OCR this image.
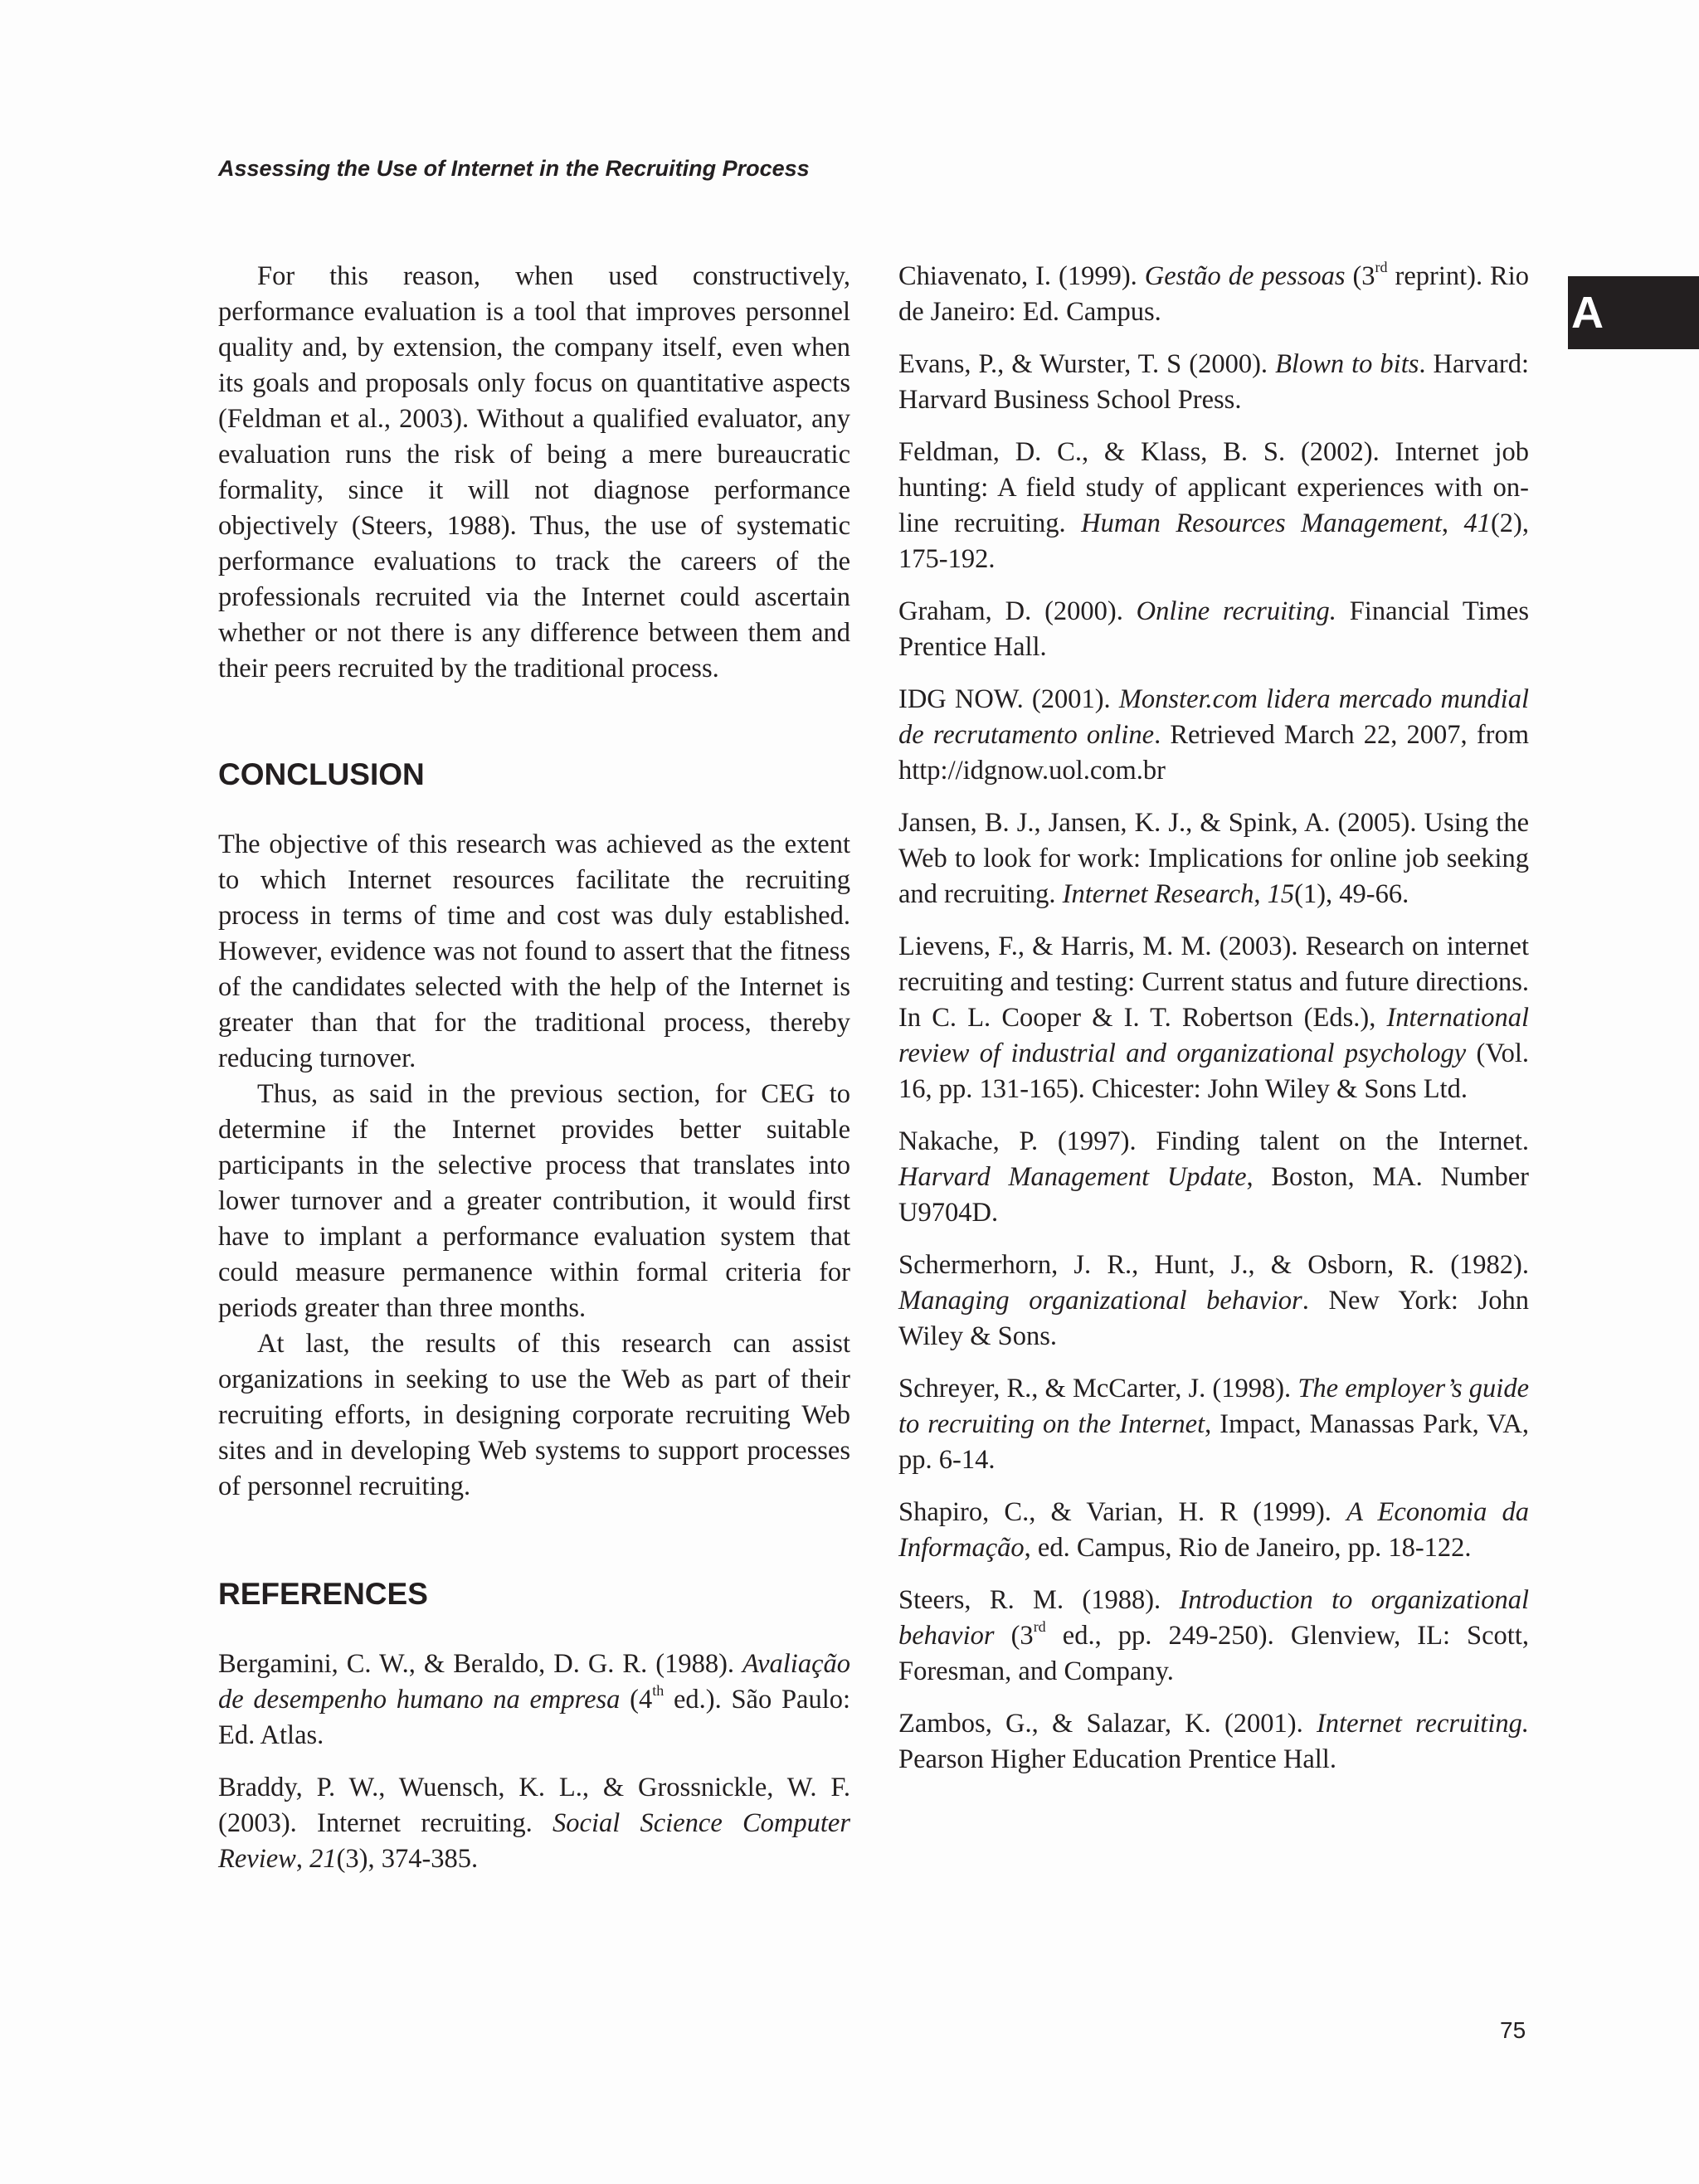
Assessing the Use of Internet in the Recruiting Process
A

For this reason, when used constructively, performance evaluation is a tool that improves personnel quality and, by extension, the company itself, even when its goals and proposals only focus on quantitative aspects (Feldman et al., 2003). Without a qualified evaluator, any evaluation runs the risk of being a mere bureaucratic formality, since it will not diagnose performance objectively (Steers, 1988). Thus, the use of systematic performance evaluations to track the careers of the professionals recruited via the Internet could ascertain whether or not there is any difference between them and their peers recruited by the traditional process.

CONCLUSION

The objective of this research was achieved as the extent to which Internet resources facilitate the recruiting process in terms of time and cost was duly established. However, evidence was not found to assert that the fitness of the candidates selected with the help of the Internet is greater than that for the traditional process, thereby reducing turnover.

Thus, as said in the previous section, for CEG to determine if the Internet provides better suitable participants in the selective process that translates into lower turnover and a greater contribution, it would first have to implant a performance evaluation system that could measure permanence within formal criteria for periods greater than three months.

At last, the results of this research can assist organizations in seeking to use the Web as part of their recruiting efforts, in designing corporate recruiting Web sites and in developing Web systems to support processes of personnel recruiting.

REFERENCES

Bergamini, C. W., & Beraldo, D. G. R. (1988). Avaliação de desempenho humano na empresa (4th ed.). São Paulo: Ed. Atlas.

Braddy, P. W., Wuensch, K. L., & Grossnickle, W. F. (2003). Internet recruiting. Social Science Computer Review, 21(3), 374-385.

Chiavenato, I. (1999). Gestão de pessoas (3rd reprint). Rio de Janeiro: Ed. Campus.

Evans, P., & Wurster, T. S (2000). Blown to bits. Harvard: Harvard Business School Press.

Feldman, D. C., & Klass, B. S. (2002). Internet job hunting: A field study of applicant experiences with on-line recruiting. Human Resources Management, 41(2), 175-192.

Graham, D. (2000). Online recruiting. Financial Times Prentice Hall.

IDG NOW. (2001). Monster.com lidera mercado mundial de recrutamento online. Retrieved March 22, 2007, from http://idgnow.uol.com.br

Jansen, B. J., Jansen, K. J., & Spink, A. (2005). Using the Web to look for work: Implications for online job seeking and recruiting. Internet Research, 15(1), 49-66.

Lievens, F., & Harris, M. M. (2003). Research on internet recruiting and testing: Current status and future directions. In C. L. Cooper & I. T. Robertson (Eds.), International review of industrial and organizational psychology (Vol. 16, pp. 131-165). Chicester: John Wiley & Sons Ltd.

Nakache, P. (1997). Finding talent on the Internet. Harvard Management Update, Boston, MA. Number U9704D.

Schermerhorn, J. R., Hunt, J., & Osborn, R. (1982). Managing organizational behavior. New York: John Wiley & Sons.

Schreyer, R., & McCarter, J. (1998). The employer’s guide to recruiting on the Internet, Impact, Manassas Park, VA, pp. 6-14.

Shapiro, C., & Varian, H. R (1999). A Economia da Informação, ed. Campus, Rio de Janeiro, pp. 18-122.

Steers, R. M. (1988). Introduction to organizational behavior (3rd ed., pp. 249-250). Glenview, IL: Scott, Foresman, and Company.

Zambos, G., & Salazar, K. (2001). Internet recruiting. Pearson Higher Education Prentice Hall.

75
